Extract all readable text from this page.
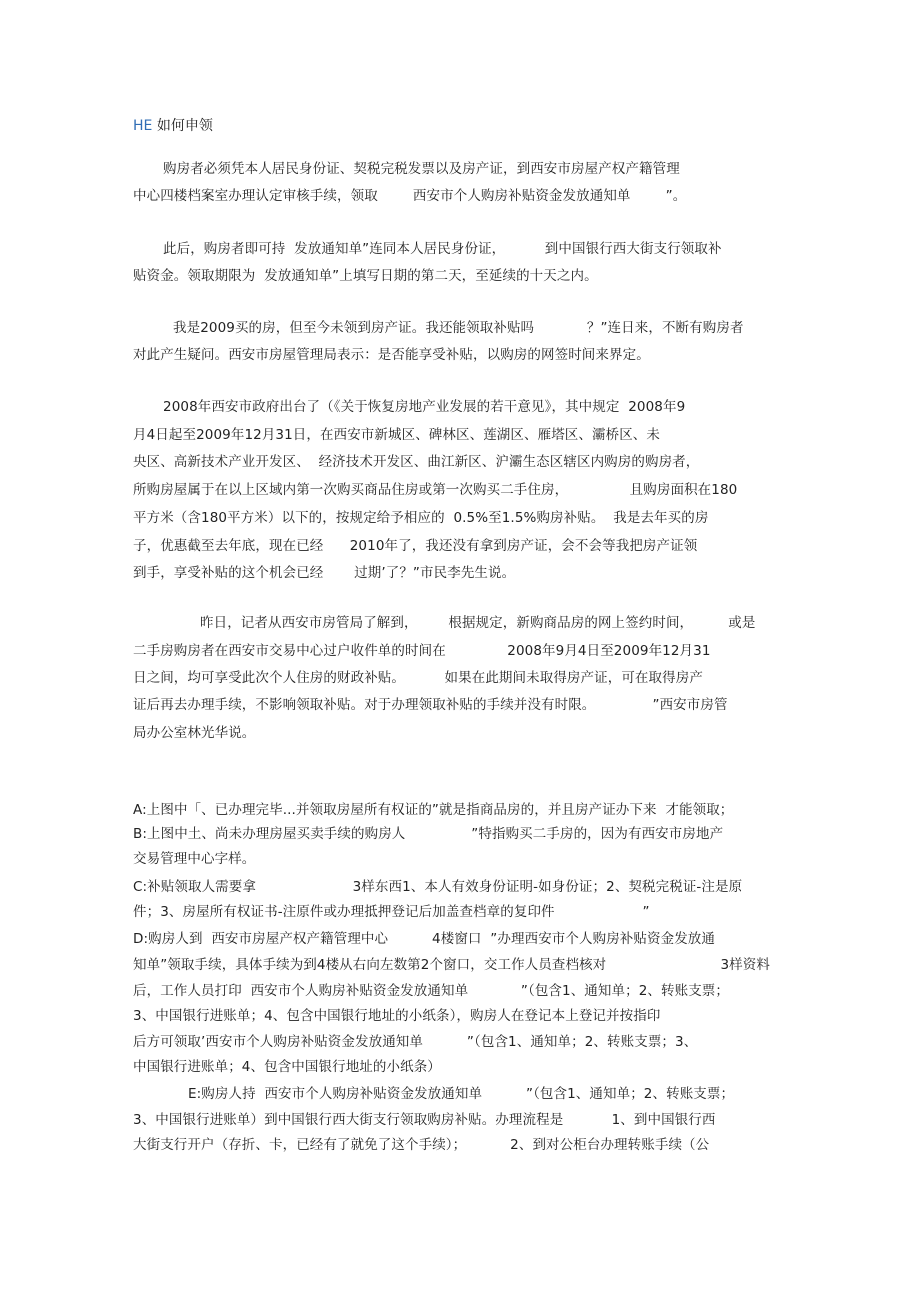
HE 如何申领
购房者必须凭本人居民身份证、契税完税发票以及房产证，到西安市房屋产权产籍管理
中心四楼档案室办理认定审核手续，领取        西安市个人购房补贴资金发放通知单        ”。
此后，购房者即可持  发放通知单”连同本人居民身份证，         到中国银行西大街支行领取补
贴资金。领取期限为  发放通知单”上填写日期的第二天，至延续的十天之内。
我是2009买的房，但至今未领到房产证。我还能领取补贴吗            ？”连日来，不断有购房者
对此产生疑问。西安市房屋管理局表示：是否能享受补贴，以购房的网签时间来界定。
2008年西安市政府出台了（《关于恢复房地产业发展的若干意见》，其中规定  2008年9
月4日起至2009年12月31日，在西安市新城区、碑林区、莲湖区、雁塔区、灞桥区、未
央区、高新技术产业开发区、  经济技术开发区、曲江新区、沪灞生态区辖区内购房的购房者，
所购房屋属于在以上区域内第一次购买商品住房或第一次购买二手住房，              且购房面积在180
平方米（含180平方米）以下的，按规定给予相应的  0.5%至1.5%购房补贴。  我是去年买的房
子，优惠截至去年底，现在已经      2010年了，我还没有拿到房产证，会不会等我把房产证领
到手，享受补贴的这个机会已经       过期’了？”市民李先生说。
昨日，记者从西安市房管局了解到，       根据规定，新购商品房的网上签约时间，        或是
二手房购房者在西安市交易中心过户收件单的时间在              2008年9月4日至2009年12月31
日之间，均可享受此次个人住房的财政补贴。         如果在此期间未取得房产证，可在取得房产
证后再去办理手续，不影响领取补贴。对于办理领取补贴的手续并没有时限。             ”西安市房管
局办公室林光华说。
A:上图中「、已办理完毕...并领取房屋所有权证的”就是指商品房的，并且房产证办下来  才能领取；
B:上图中土、尚未办理房屋买卖手续的购房人               ”特指购买二手房的，因为有西安市房地产
交易管理中心字样。
C:补贴领取人需要拿                      3样东西1、本人有效身份证明-如身份证；2、契税完税证-注是原
件；3、房屋所有权证书-注原件或办理抵押登记后加盖查档章的复印件                    ”
D:购房人到  西安市房屋产权产籍管理中心          4楼窗口  ”办理西安市个人购房补贴资金发放通
知单”领取手续，具体手续为到4楼从右向左数第2个窗口，交工作人员查档核对                          3样资料
后，工作人员打印  西安市个人购房补贴资金发放通知单            ”（包含1、通知单；2、转账支票；
3、中国银行进账单；4、包含中国银行地址的小纸条），购房人在登记本上登记并按指印
后方可领取’西安市个人购房补贴资金发放通知单          ”（包含1、通知单；2、转账支票；3、
中国银行进账单；4、包含中国银行地址的小纸条）
E:购房人持  西安市个人购房补贴资金发放通知单          ”（包含1、通知单；2、转账支票；
3、中国银行进账单）到中国银行西大街支行领取购房补贴。办理流程是           1、到中国银行西
大街支行开户（存折、卡，已经有了就免了这个手续）；          2、到对公柜台办理转账手续（公
